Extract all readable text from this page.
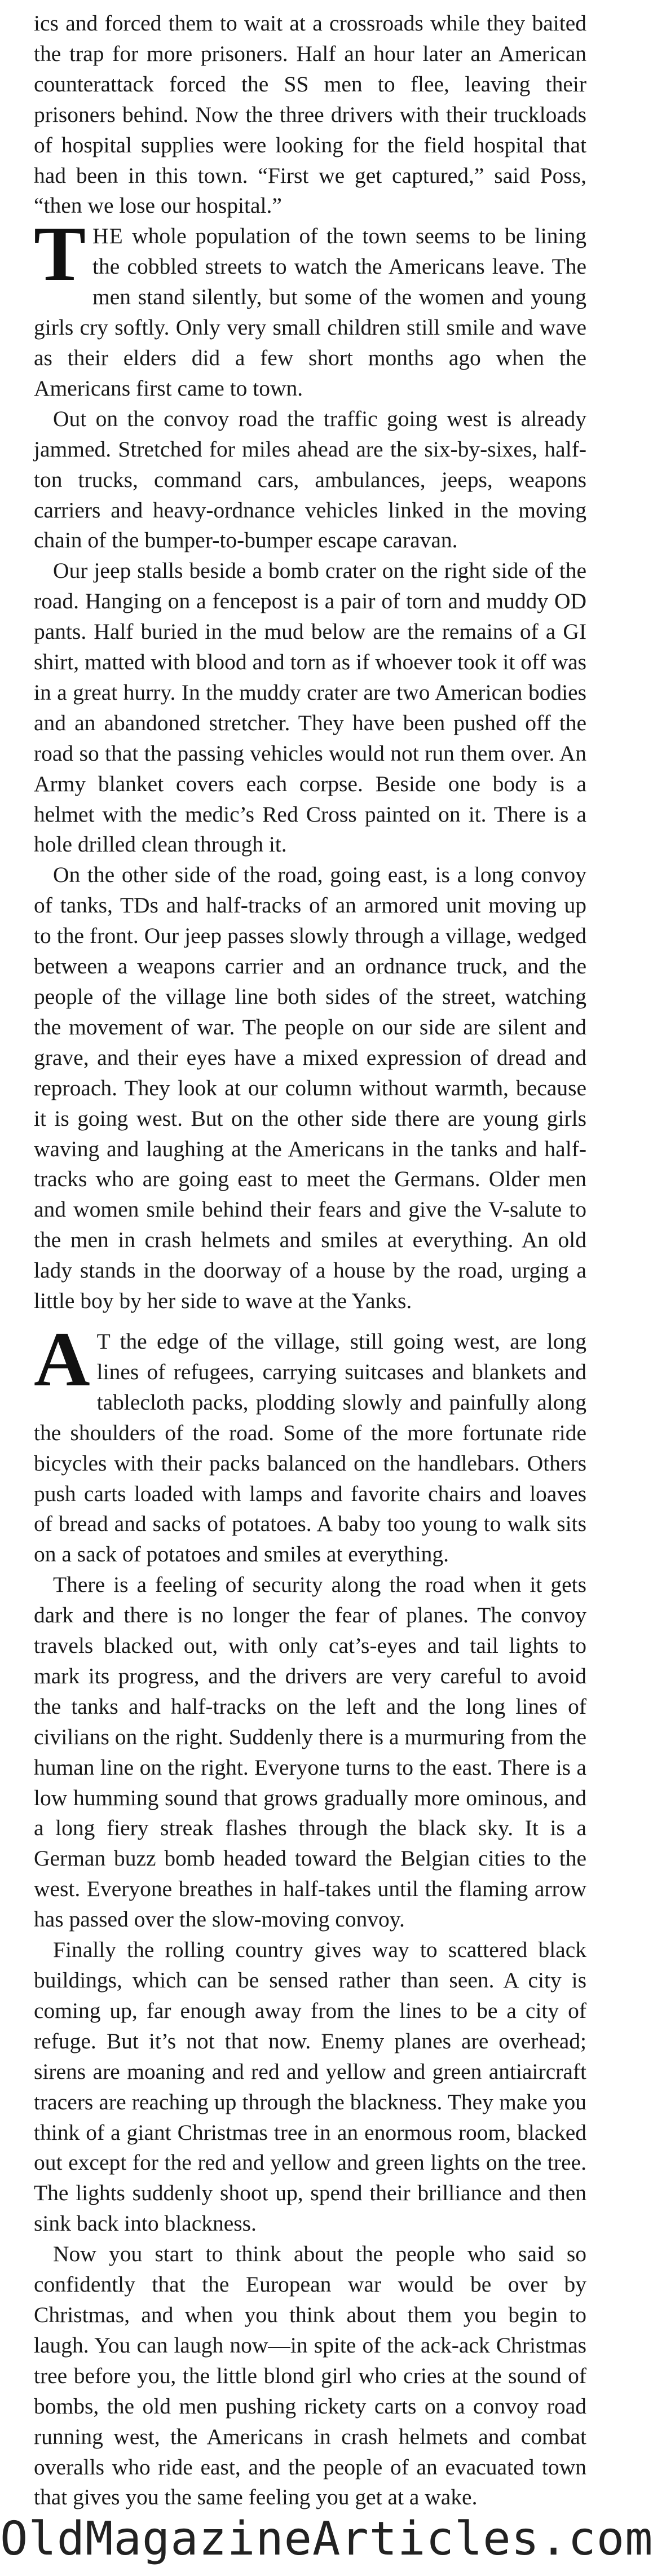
ics and forced them to wait at a crossroads while they baited the trap for more prisoners. Half an hour later an American counterattack forced the SS men to flee, leaving their prisoners behind. Now the three drivers with their truckloads of hospital supplies were looking for the field hospital that had been in this town. “First we get captured,” said Poss, “then we lose our hospital.”

THE whole population of the town seems to be lining the cobbled streets to watch the Americans leave. The men stand silently, but some of the women and young girls cry softly. Only very small children still smile and wave as their elders did a few short months ago when the Americans first came to town.

Out on the convoy road the traffic going west is already jammed. Stretched for miles ahead are the six-by-sixes, half-ton trucks, command cars, ambulances, jeeps, weapons carriers and heavy-ordnance vehicles linked in the moving chain of the bumper-to-bumper escape caravan.

Our jeep stalls beside a bomb crater on the right side of the road. Hanging on a fencepost is a pair of torn and muddy OD pants. Half buried in the mud below are the remains of a GI shirt, matted with blood and torn as if whoever took it off was in a great hurry. In the muddy crater are two American bodies and an abandoned stretcher. They have been pushed off the road so that the passing vehicles would not run them over. An Army blanket covers each corpse. Beside one body is a helmet with the medic’s Red Cross painted on it. There is a hole drilled clean through it.

On the other side of the road, going east, is a long convoy of tanks, TDs and half-tracks of an armored unit moving up to the front. Our jeep passes slowly through a village, wedged between a weapons carrier and an ordnance truck, and the people of the village line both sides of the street, watching the movement of war. The people on our side are silent and grave, and their eyes have a mixed expression of dread and reproach. They look at our column without warmth, because it is going west. But on the other side there are young girls waving and laughing at the Americans in the tanks and half-tracks who are going east to meet the Germans. Older men and women smile behind their fears and give the V-salute to the men in crash helmets and smiles at everything. An old lady stands in the doorway of a house by the road, urging a little boy by her side to wave at the Yanks.

A T the edge of the village, still going west, are long lines of refugees, carrying suitcases and blankets and tablecloth packs, plodding slowly and painfully along the shoulders of the road. Some of the more fortunate ride bicycles with their packs balanced on the handlebars. Others push carts loaded with lamps and favorite chairs and loaves of bread and sacks of potatoes. A baby too young to walk sits on a sack of potatoes and smiles at everything.

There is a feeling of security along the road when it gets dark and there is no longer the fear of planes. The convoy travels blacked out, with only cat’s-eyes and tail lights to mark its progress, and the drivers are very careful to avoid the tanks and half-tracks on the left and the long lines of civilians on the right. Suddenly there is a murmuring from the human line on the right. Everyone turns to the east. There is a low humming sound that grows gradually more ominous, and a long fiery streak flashes through the black sky. It is a German buzz bomb headed toward the Belgian cities to the west. Everyone breathes in half-takes until the flaming arrow has passed over the slow-moving convoy.

Finally the rolling country gives way to scattered black buildings, which can be sensed rather than seen. A city is coming up, far enough away from the lines to be a city of refuge. But it’s not that now. Enemy planes are overhead; sirens are moaning and red and yellow and green antiaircraft tracers are reaching up through the blackness. They make you think of a giant Christmas tree in an enormous room, blacked out except for the red and yellow and green lights on the tree. The lights suddenly shoot up, spend their brilliance and then sink back into blackness.

Now you start to think about the people who said so confidently that the European war would be over by Christmas, and when you think about them you begin to laugh. You can laugh now—in spite of the ack-ack Christmas tree before you, the little blond girl who cries at the sound of bombs, the old men pushing rickety carts on a convoy road running west, the Americans in crash helmets and combat overalls who ride east, and the people of an evacuated town that gives you the same feeling you get at a wake.

OldMagazineArticles.com
